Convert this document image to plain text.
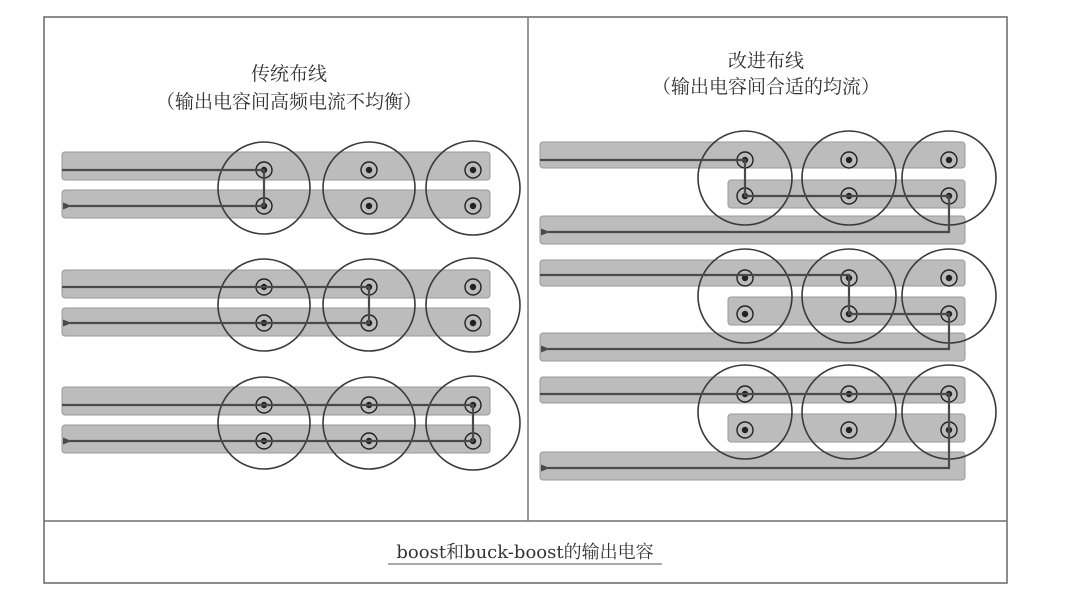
传统布线
（输出电容间高频电流不均衡）
改进布线
（输出电容间合适的均流）
boost和buck-boost的输出电容
